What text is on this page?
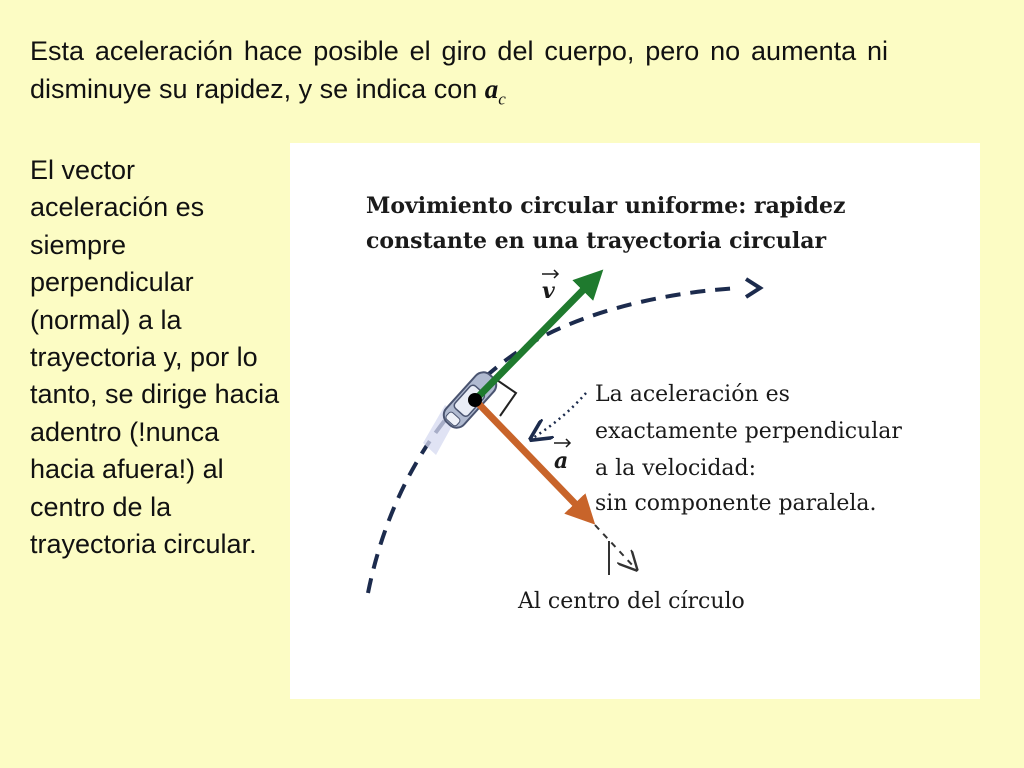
Esta aceleración hace posible el giro del cuerpo, pero no aumenta ni disminuye su rapidez, y se indica con $a_c$

El vector aceleración es siempre perpendicular (normal) a la trayectoria y, por lo tanto, se dirige hacia adentro (!nunca hacia afuera!) al centro de la trayectoria circular.

Movimiento circular uniforme: rapidez
constante en una trayectoria circular
v
a
La aceleración es
exactamente perpendicular
a la velocidad:
sin componente paralela.
Al centro del círculo
